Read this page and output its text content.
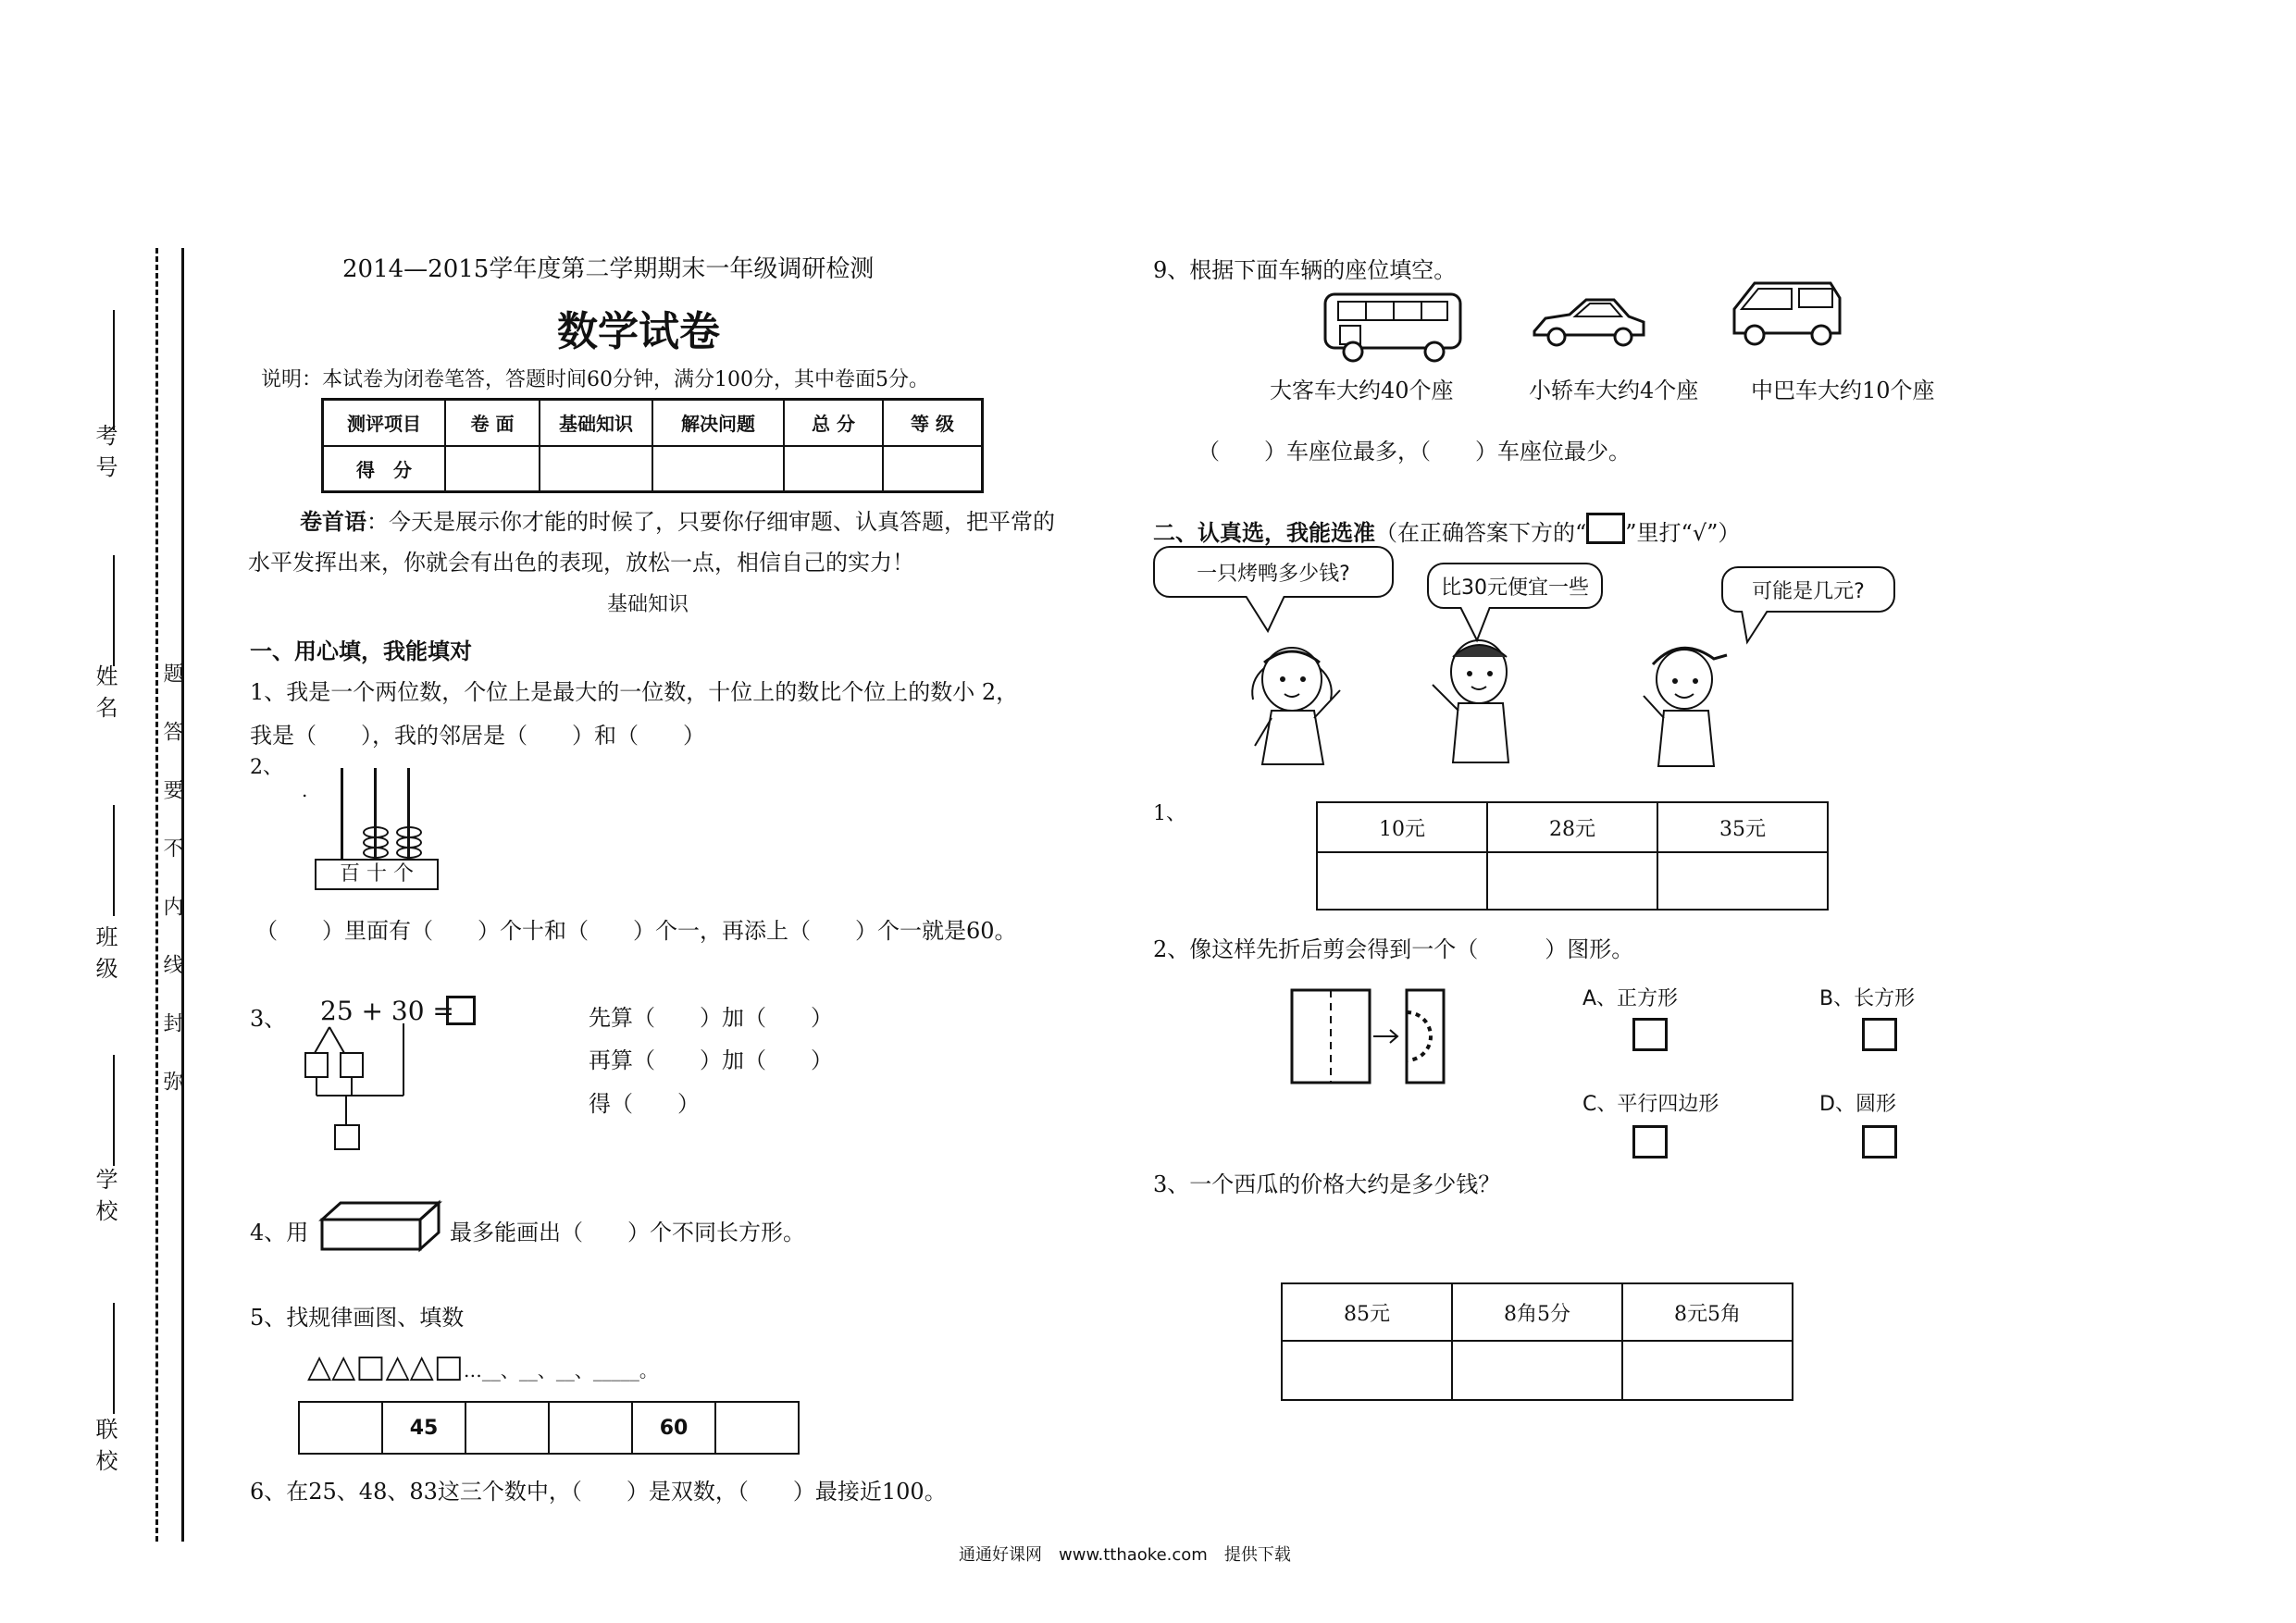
考号
姓名
班级
学校
联校
题答要不内线封弥
2014—2015学年度第二学期期末一年级调研检测
数学试卷
说明：本试卷为闭卷笔答，答题时间60分钟，满分100分，其中卷面5分。
测评项目	卷 面	基础知识	解决问题	总 分	等 级
得　分					
卷首语：今天是展示你才能的时候了，只要你仔细审题、认真答题，把平常的水平发挥出来，你就会有出色的表现，放松一点，相信自己的实力！
基础知识
一、用心填，我能填对
1、我是一个两位数，个位上是最大的一位数，十位上的数比个位上的数小 2，
我是（　　），我的邻居是（　　）和（　　）
2、
.
百 十 个
（　　）里面有（　　）个十和（　　）个一，再添上（　　）个一就是60。
3、 25 + 30 =	先算（　　）加（　　）
再算（　　）加（　　）
得（　　）
4、用	最多能画出（　　）个不同长方形。
5、找规律画图、填数
△△□△△□…__、__、__、_____。
	45			60	
6、在25、48、83这三个数中，（　　）是双数，（　　）最接近100。
9、根据下面车辆的座位填空。
大客车大约40个座	小轿车大约4个座 中巴车大约10个座
（　　）车座位最多，（　　）车座位最少。
二、认真选，我能选准（在正确答案下方的“ ”里打“√”）
一只烤鸭多少钱?
比30元便宜一些	可能是几元?
1、
10元	28元	35元

2、像这样先折后剪会得到一个（　　　）图形。
A、正方形	B、长方形
C、平行四边形	D、圆形
3、一个西瓜的价格大约是多少钱？
85元	8角5分	8元5角

通通好课网　www.tthaoke.com　提供下载
